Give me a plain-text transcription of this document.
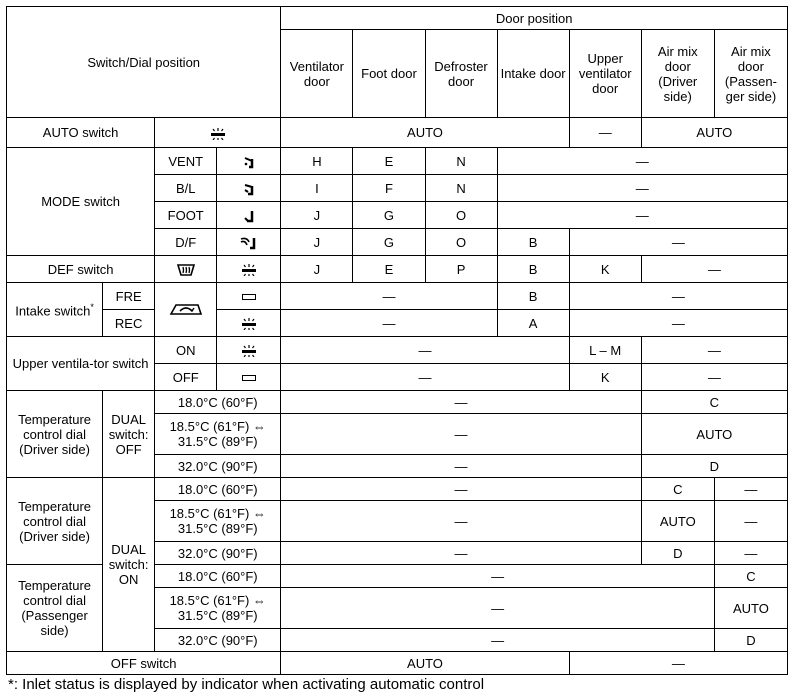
Switch/Dial position				Door position						
				Ventilator door	Foot door	Defroster door	Intake door	Upper ventilator door	Air mix door (Driver side)	Air mix door (Passen-ger side)
AUTO switch				AUTO				—	AUTO	
MODE switch		VENT		H	E	N	—			
		B/L		I	F	N	—			
		FOOT		J	G	O	—			
		D/F		J	G	O	B	—		
DEF switch				J	E	P	B	K	—	
Intake switch*	FRE			—			B	—		
	REC			—			A	—		
Upper ventila-tor switch		ON		—				L – M	—	
		OFF		—				K	—	
Temperature control dial (Driver side)	DUAL switch: OFF	18.0°C (60°F)		—					C	
		18.5°C (61°F) ⇔ 31.5°C (89°F)		—					AUTO	
		32.0°C (90°F)		—					D	
Temperature control dial (Driver side)	DUAL switch: ON	18.0°C (60°F)		—					C	—
		18.5°C (61°F) ⇔ 31.5°C (89°F)		—					AUTO	—
		32.0°C (90°F)		—					D	—
Temperature control dial (Passenger side)		18.0°C (60°F)		—						C
		18.5°C (61°F) ⇔ 31.5°C (89°F)		—						AUTO
		32.0°C (90°F)		—						D
OFF switch				AUTO				—		
*: Inlet status is displayed by indicator when activating automatic control
